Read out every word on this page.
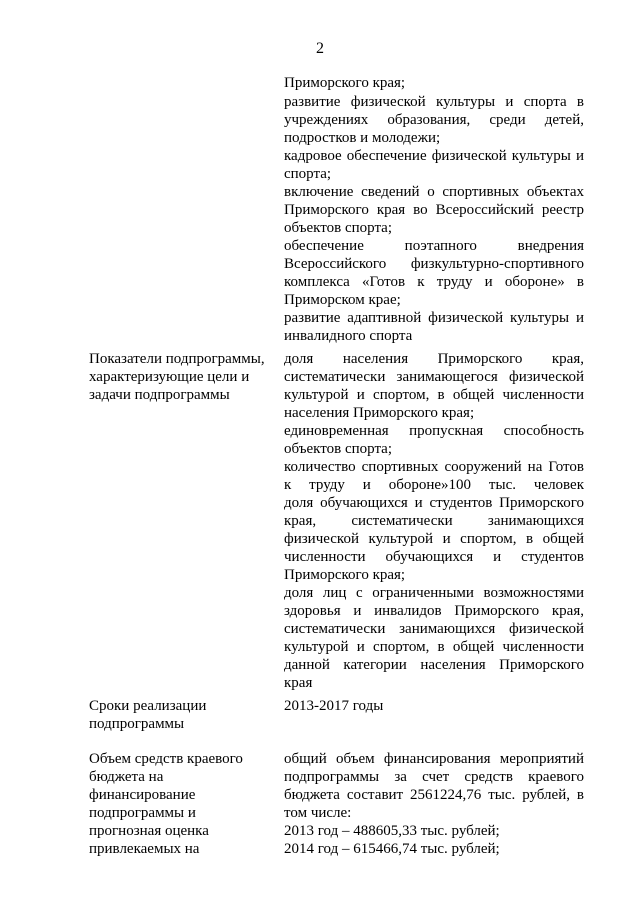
2
Приморского края;
развитие физической культуры и спорта в
учреждениях образования, среди детей,
подростков и молодежи;
кадровое обеспечение физической культуры и
спорта;
включение сведений о спортивных объектах
Приморского края во Всероссийский реестр
объектов спорта;
обеспечение поэтапного внедрения
Всероссийского физкультурно-спортивного
комплекса «Готов к труду и обороне» в
Приморском крае;
развитие адаптивной физической культуры и
инвалидного спорта
Показатели подпрограммы,
характеризующие цели и
задачи подпрограммы
доля населения Приморского края,
систематически занимающегося физической
культурой и спортом, в общей численности
населения Приморского края;
единовременная пропускная способность
объектов спорта;
количество спортивных сооружений на Готов
к труду и обороне»100 тыс. человек
доля обучающихся и студентов Приморского
края, систематически занимающихся
физической культурой и спортом, в общей
численности обучающихся и студентов
Приморского края;
доля лиц с ограниченными возможностями
здоровья и инвалидов Приморского края,
систематически занимающихся физической
культурой и спортом, в общей численности
данной категории населения Приморского
края
Сроки реализации
подпрограммы
2013-2017 годы
Объем средств краевого
бюджета на
финансирование
подпрограммы и
прогнозная оценка
привлекаемых на
общий объем финансирования мероприятий
подпрограммы за счет средств краевого
бюджета составит 2561224,76 тыс. рублей, в
том числе:
2013 год – 488605,33 тыс. рублей;
2014 год – 615466,74 тыс. рублей;
